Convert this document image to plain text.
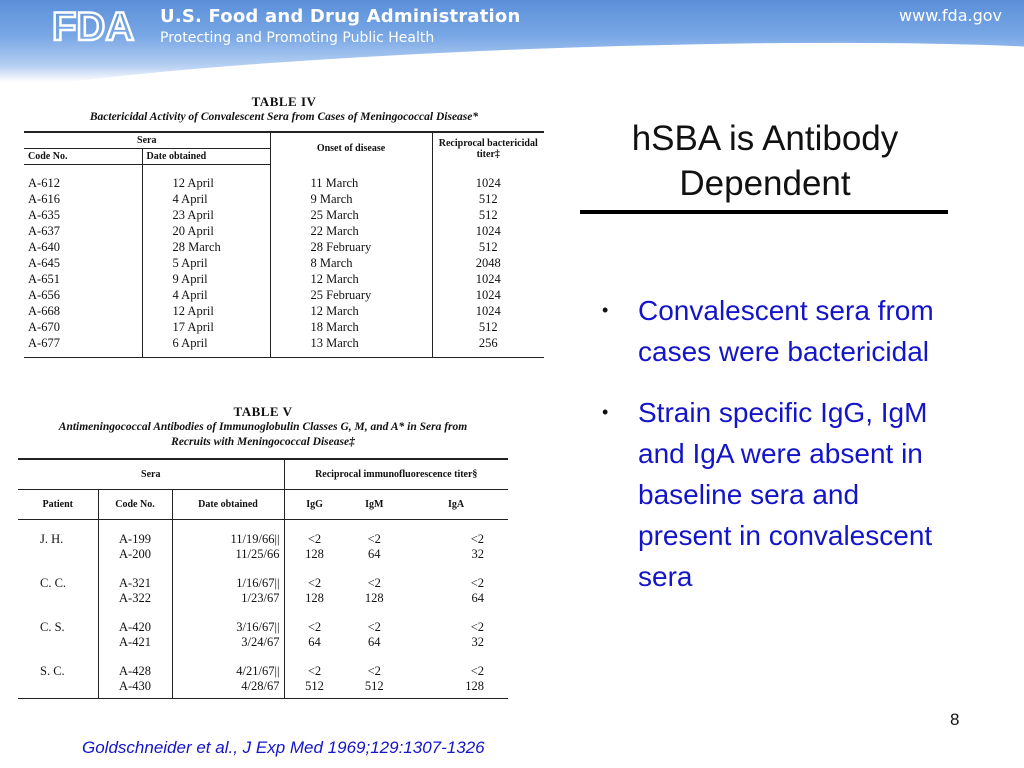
FDA U.S. Food and Drug Administration
Protecting and Promoting Public Health
www.fda.gov
TABLE IV
Bactericidal Activity of Convalescent Sera from Cases of Meningococcal Disease*
Sera		Onset of disease	Reciprocal bactericidal titer‡
Code No.	Date obtained		
A-612	12 April	11 March	1024
A-616	4 April	9 March	512
A-635	23 April	25 March	512
A-637	20 April	22 March	1024
A-640	28 March	28 February	512
A-645	5 April	8 March	2048
A-651	9 April	12 March	1024
A-656	4 April	25 February	1024
A-668	12 April	12 March	1024
A-670	17 April	18 March	512
A-677	6 April	13 March	256
TABLE V
Antimeningococcal Antibodies of Immunoglobulin Classes G, M, and A* in Sera from
Recruits with Meningococcal Disease‡
Sera			Reciprocal immunofluorescence titer§		
Patient	Code No.	Date obtained	IgG	IgM	IgA
J. H.	A-199	11/19/66||	<2	<2	<2
	A-200	11/25/66	128	64	32
C. C.	A-321	1/16/67||	<2	<2	<2
	A-322	1/23/67	128	128	64
C. S.	A-420	3/16/67||	<2	<2	<2
	A-421	3/24/67	64	64	32
S. C.	A-428	4/21/67||	<2	<2	<2
	A-430	4/28/67	512	512	128
hSBA is Antibody
Dependent
• Convalescent sera from cases were bactericidal
• Strain specific IgG, IgM and IgA were absent in baseline sera and present in convalescent sera
8
Goldschneider et al., J Exp Med 1969;129:1307-1326
